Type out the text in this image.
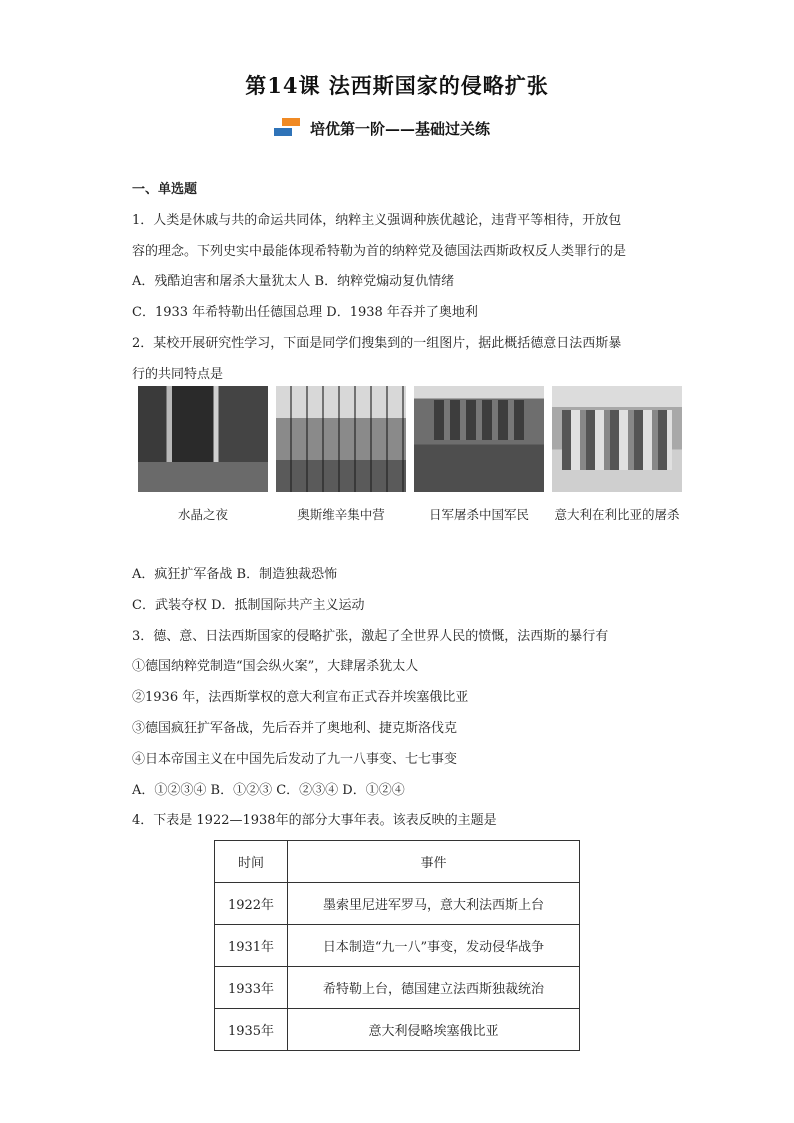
第14课 法西斯国家的侵略扩张
培优第一阶——基础过关练
一、单选题
1．人类是休戚与共的命运共同体，纳粹主义强调种族优越论，违背平等相待，开放包
容的理念。下列史实中最能体现希特勒为首的纳粹党及德国法西斯政权反人类罪行的是
A．残酷迫害和屠杀大量犹太人 B．纳粹党煽动复仇情绪
C．1933 年希特勒出任德国总理 D．1938 年吞并了奥地利
2．某校开展研究性学习，下面是同学们搜集到的一组图片，据此概括德意日法西斯暴
行的共同特点是
水晶之夜	奥斯维辛集中营	日军屠杀中国军民	意大利在利比亚的屠杀
A．疯狂扩军备战 B．制造独裁恐怖
C．武装夺权 D．抵制国际共产主义运动
3．德、意、日法西斯国家的侵略扩张，激起了全世界人民的愤慨，法西斯的暴行有
①德国纳粹党制造“国会纵火案”，大肆屠杀犹太人
②1936 年，法西斯掌权的意大利宣布正式吞并埃塞俄比亚
③德国疯狂扩军备战，先后吞并了奥地利、捷克斯洛伐克
④日本帝国主义在中国先后发动了九一八事变、七七事变
A．①②③④ B．①②③ C．②③④ D．①②④
4．下表是 1922—1938年的部分大事年表。该表反映的主题是
时间	事件
1922年	墨索里尼进军罗马，意大利法西斯上台
1931年	日本制造“九一八”事变，发动侵华战争
1933年	希特勒上台，德国建立法西斯独裁统治
1935年	意大利侵略埃塞俄比亚
